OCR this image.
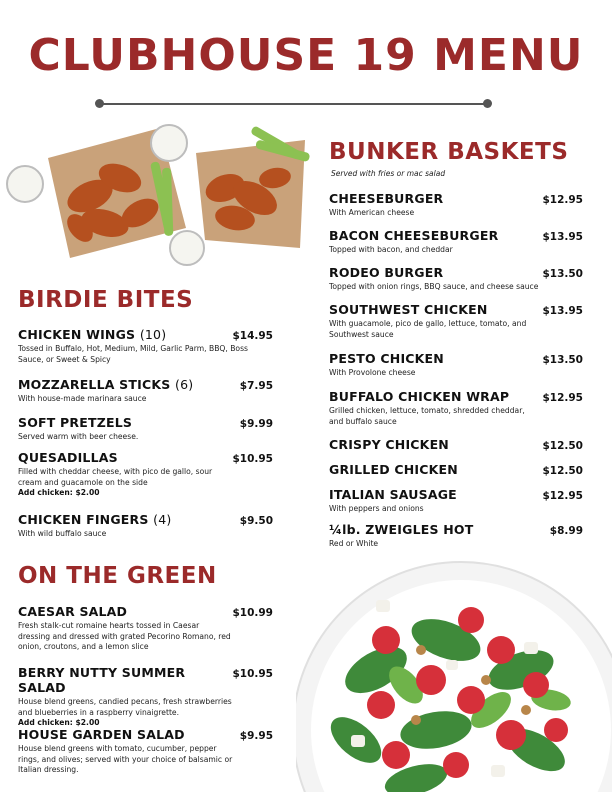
CLUBHOUSE 19 MENU
BIRDIE BITES
CHICKEN WINGS (10)	$14.95
Tossed in Buffalo, Hot, Medium, Mild, Garlic Parm, BBQ, Boss Sauce, or Sweet & Spicy
MOZZARELLA STICKS (6)	$7.95
With house-made marinara sauce
SOFT PRETZELS	$9.99
Served warm with beer cheese.
QUESADILLAS	$10.95
Filled with cheddar cheese, with pico de gallo, sour cream and guacamole on the side
Add chicken: $2.00
CHICKEN FINGERS (4)	$9.50
With wild buffalo sauce
ON THE GREEN
CAESAR SALAD	$10.99
Fresh stalk-cut romaine hearts tossed in Caesar dressing and dressed with grated Pecorino Romano, red onion, croutons, and a lemon slice
BERRY NUTTY SUMMER SALAD
$10.95
House blend greens, candied pecans, fresh strawberries and blueberries in a raspberry vinaigrette.
Add chicken: $2.00
HOUSE GARDEN SALAD	$9.95
House blend greens with tomato, cucumber, pepper rings, and olives; served with your choice of balsamic or Italian dressing.
BUNKER BASKETS
Served with fries or mac salad
CHEESEBURGER	$12.95
With American cheese
BACON CHEESEBURGER	$13.95
Topped with bacon, and cheddar
RODEO BURGER	$13.50
Topped with onion rings, BBQ sauce, and cheese sauce
SOUTHWEST CHICKEN	$13.95
With guacamole, pico de gallo, lettuce, tomato, and Southwest sauce
PESTO CHICKEN	$13.50
With Provolone cheese
BUFFALO CHICKEN WRAP	$12.95
Grilled chicken, lettuce, tomato, shredded cheddar, and buffalo sauce
CRISPY CHICKEN	$12.50
GRILLED CHICKEN	$12.50
ITALIAN SAUSAGE	$12.95
With peppers and onions
¼lb. ZWEIGLES HOT	$8.99
Red or White
